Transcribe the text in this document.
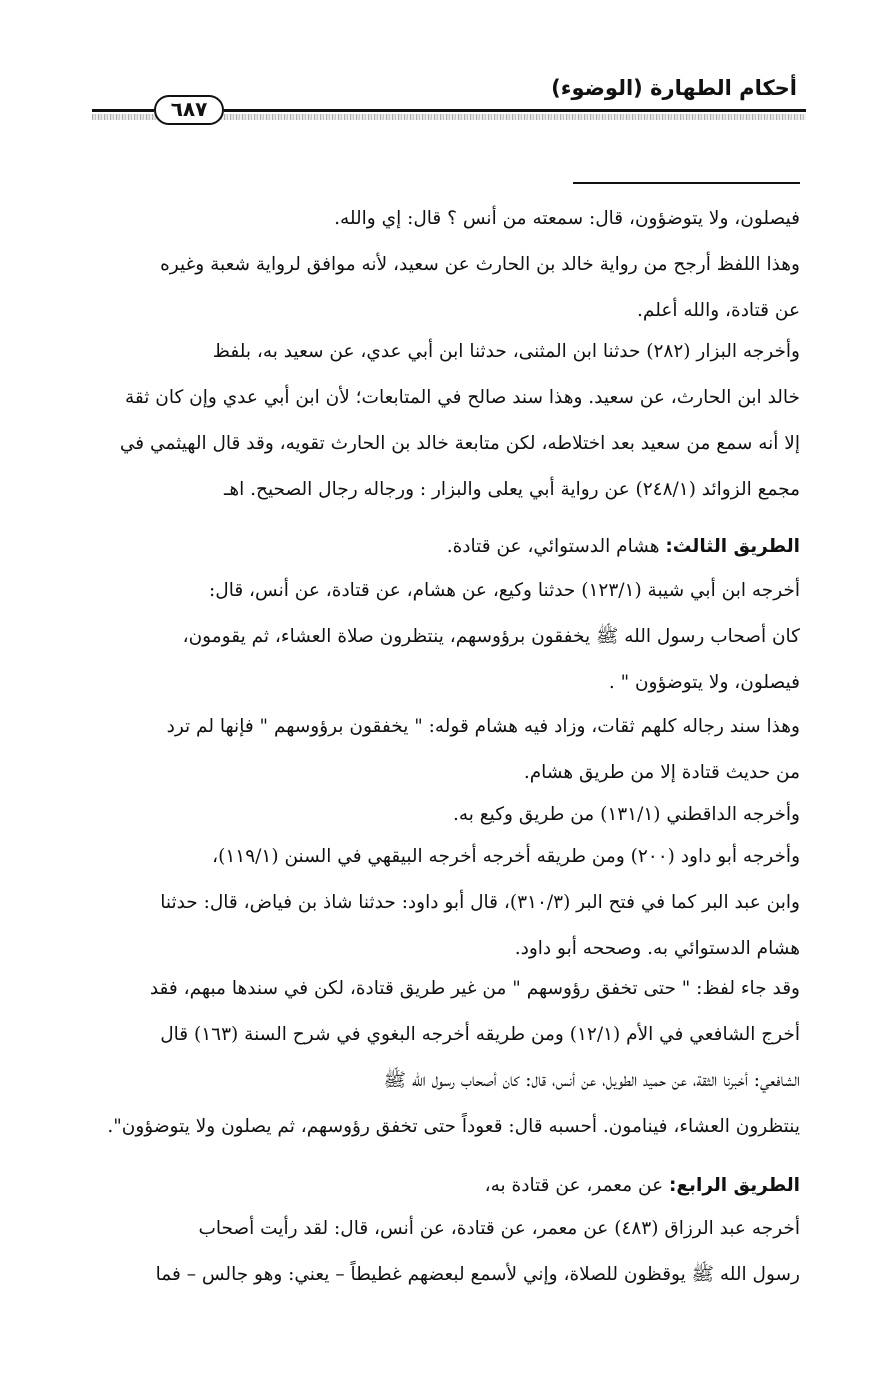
أحكام الطهارة (الوضوء)
٦٨٧
فيصلون، ولا يتوضؤون، قال: سمعته من أنس ؟ قال: إي والله.
وهذا اللفظ أرجح من رواية خالد بن الحارث عن سعيد، لأنه موافق لرواية شعبة وغيره
عن قتادة، والله أعلم.
وأخرجه البزار (٢٨٢) حدثنا ابن المثنى، حدثنا ابن أبي عدي، عن سعيد به، بلفظ
خالد ابن الحارث، عن سعيد. وهذا سند صالح في المتابعات؛ لأن ابن أبي عدي وإن كان ثقة
إلا أنه سمع من سعيد بعد اختلاطه، لكن متابعة خالد بن الحارث تقويه، وقد قال الهيثمي في
مجمع الزوائد (٢٤٨/١) عن رواية أبي يعلى والبزار : ورجاله رجال الصحيح. اهـ
الطريق الثالث: هشام الدستوائي، عن قتادة.
أخرجه ابن أبي شيبة (١٢٣/١) حدثنا وكيع، عن هشام، عن قتادة، عن أنس، قال:
كان أصحاب رسول الله ﷺ يخفقون برؤوسهم، ينتظرون صلاة العشاء، ثم يقومون،
فيصلون، ولا يتوضؤون " .
وهذا سند رجاله كلهم ثقات، وزاد فيه هشام قوله: " يخفقون برؤوسهم " فإنها لم ترد
من حديث قتادة إلا من طريق هشام.
وأخرجه الداقطني (١٣١/١) من طريق وكيع به.
وأخرجه أبو داود (٢٠٠) ومن طريقه أخرجه أخرجه البيقهي في السنن (١١٩/١)،
وابن عبد البر كما في فتح البر (٣١٠/٣)، قال أبو داود: حدثنا شاذ بن فياض، قال: حدثنا
هشام الدستوائي به. وصححه أبو داود.
وقد جاء لفظ: " حتى تخفق رؤوسهم " من غير طريق قتادة، لكن في سندها مبهم، فقد
أخرج الشافعي في الأم (١٢/١) ومن طريقه أخرجه البغوي في شرح السنة (١٦٣) قال
الشافعي: أخبرنا الثقة، عن حميد الطويل، عن أنس، قال: كان أصحاب رسول الله ﷺ
ينتظرون العشاء، فينامون. أحسبه قال: قعوداً حتى تخفق رؤوسهم، ثم يصلون ولا يتوضؤون".
الطريق الرابع: عن معمر، عن قتادة به،
أخرجه عبد الرزاق (٤٨٣) عن معمر، عن قتادة، عن أنس، قال: لقد رأيت أصحاب
رسول الله ﷺ يوقظون للصلاة، وإني لأسمع لبعضهم غطيطاً – يعني: وهو جالس – فما
